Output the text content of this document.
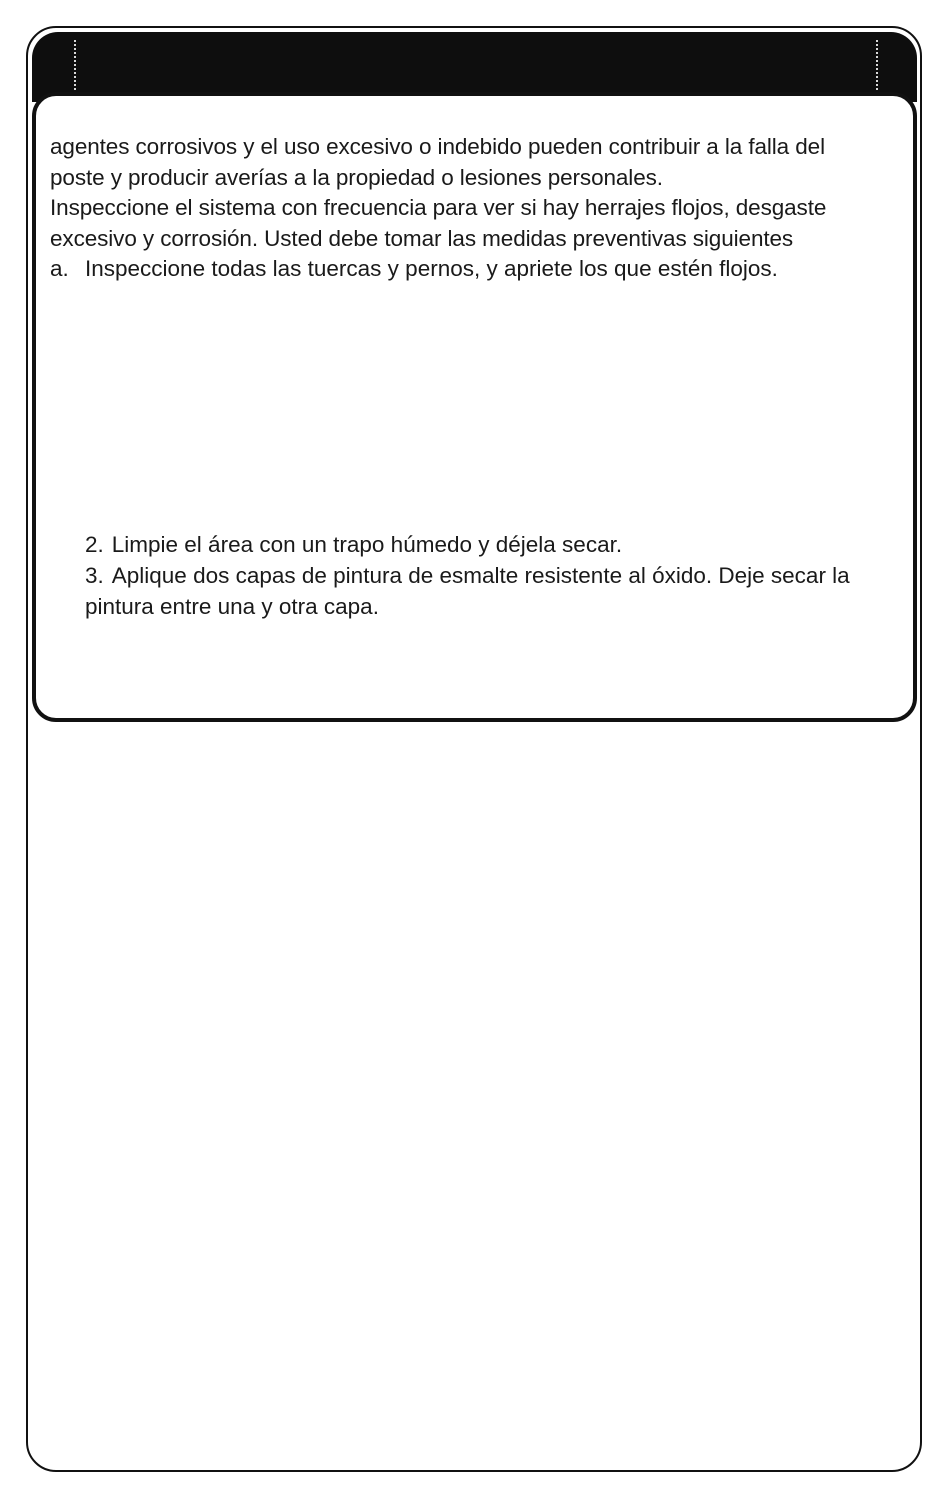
agentes corrosivos y el uso excesivo o indebido pueden contribuir a la falla del
poste y producir averías a la propiedad o lesiones personales.
Inspeccione el sistema con frecuencia para ver si hay herrajes flojos, desgaste
excesivo y corrosión. Usted debe tomar las medidas preventivas siguientes
a. Inspeccione todas las tuercas y pernos, y apriete los que estén flojos.
2. Limpie el área con un trapo húmedo y déjela secar.
3. Aplique dos capas de pintura de esmalte resistente al óxido. Deje secar la
pintura entre una y otra capa.
